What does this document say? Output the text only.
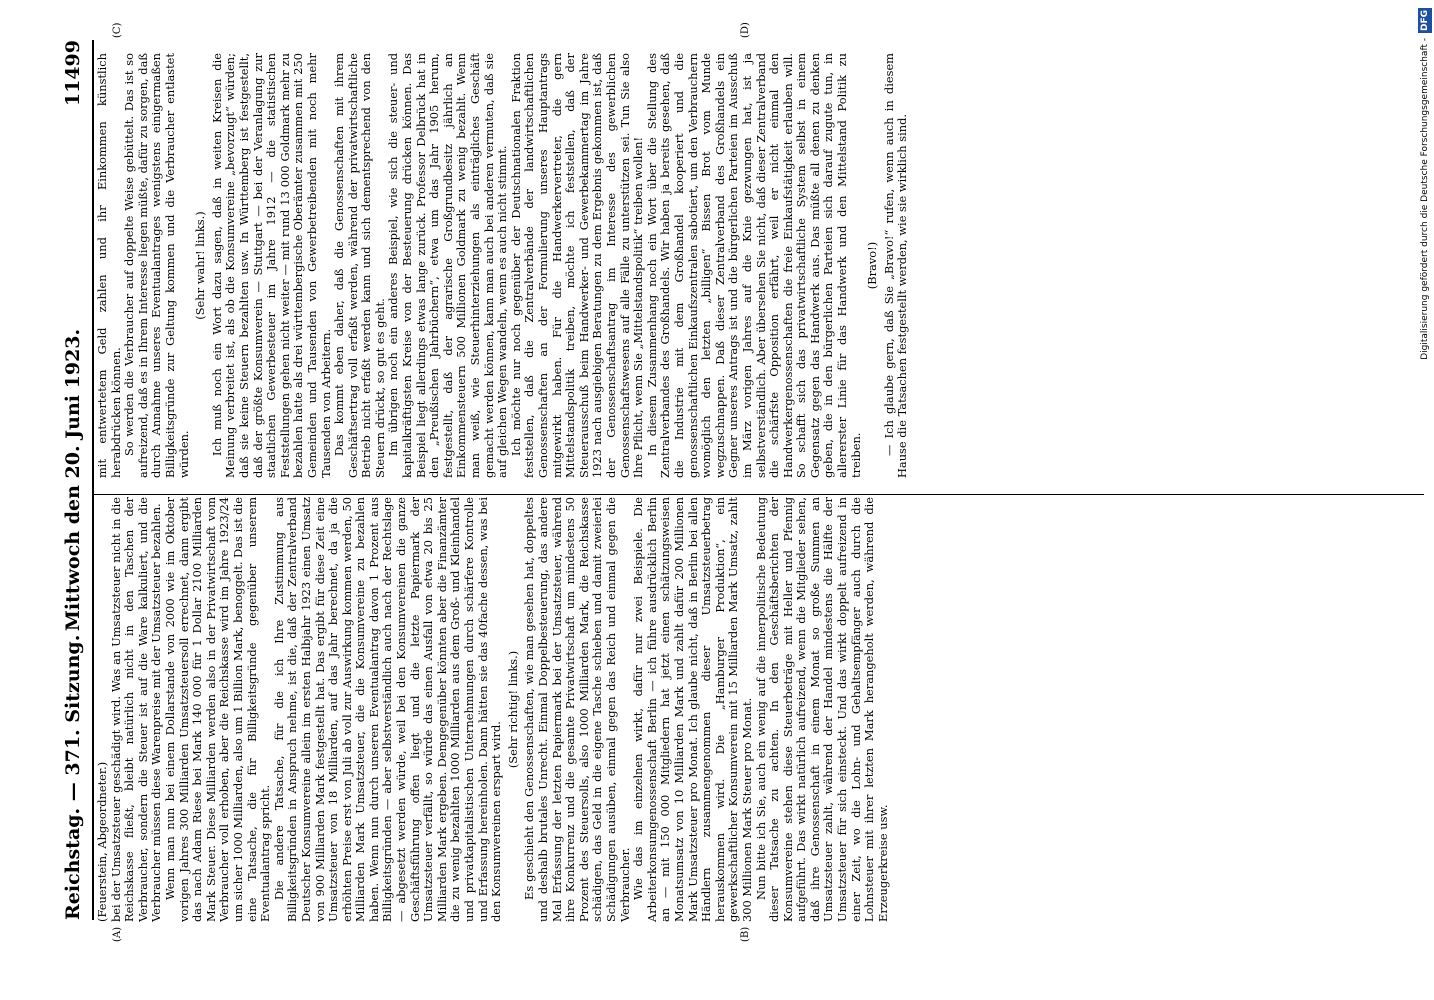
Reichstag. — 371. Sitzung.
Mittwoch den 20. Juni 1923.
11499
(A)	(B)
(C)	(D)

(Feuerstein, Abgeordneter.) bei der Umsatzsteuer geschädigt wird. Was an Umsatzsteuer nicht in die Reichskasse fließt, bleibt natürlich nicht in den Taschen der Verbraucher, sondern die Steuer ist auf die Ware kalkuliert, und die Verbraucher müssen diese Warenpreise mit der Umsatzsteuer bezahlen. Wenn man nun bei einem Dollarstande von 2000 wie im Oktober vorigen Jahres 300 Milliarden Umsatzsteuersoll errechnet, dann ergibt das nach Adam Riese bei Mark 140 000 für 1 Dollar 2100 Milliarden Mark Steuer. Diese Milliarden werden also in der Privatwirtschaft vom Verbraucher voll erhoben, aber die Reichskasse wird im Jahre 1923/24 um sicher 1000 Milliarden, also um 1 Billion Mark, benoggelt. Das ist die eine Tatsache, die für Billigkeitsgründe gegenüber unserem Eventualantrag spricht. Die andere Tatsache, für die ich Ihre Zustimmung aus Billigkeitsgründen in Anspruch nehme, ist die, daß der Zentralverband Deutscher Konsumvereine allein im ersten Halbjahr 1923 einen Umsatz von 900 Milliarden Mark festgestellt hat. Das ergibt für diese Zeit eine Umsatzsteuer von 18 Milliarden, auf das Jahr berechnet, da ja die erhöhten Preise erst von Juli ab voll zur Auswirkung kommen werden, 50 Milliarden Mark Umsatzsteuer, die die Konsumvereine zu bezahlen haben. Wenn nun durch unseren Eventualantrag davon 1 Prozent aus Billigkeitsgründen — aber selbstverständlich auch nach der Rechtslage — abgesetzt werden würde, weil bei den Konsumvereinen die ganze Geschäftsführung offen liegt und die letzte Papiermark der Umsatzsteuer verfällt, so würde das einen Ausfall von etwa 20 bis 25 Milliarden Mark ergeben. Demgegenüber könnten aber die Finanzämter die zu wenig bezahlten 1000 Milliarden aus dem Groß- und Kleinhandel und privatkapitalistischen Unternehmungen durch schärfere Kontrolle und Erfassung hereinholen. Dann hätten sie das 40fache dessen, was bei den Konsumvereinen erspart wird.

(Sehr richtig! links.) Es geschieht den Genossenschaften, wie man gesehen hat, doppeltes und deshalb brutales Unrecht. Einmal Doppelbesteuerung, das andere Mal Erfassung der letzten Papiermark bei der Umsatzsteuer, während ihre Konkurrenz und die gesamte Privatwirtschaft um mindestens 50 Prozent des Steuersolls, also 1000 Milliarden Mark, die Reichskasse schädigen, das Geld in die eigene Tasche schieben und damit zweierlei Schädigungen ausüben, einmal gegen das Reich und einmal gegen die Verbraucher. Wie das im einzelnen wirkt, dafür nur zwei Beispiele. Die Arbeiterkonsumgenossenschaft Berlin — ich führe ausdrücklich Berlin an — mit 150 000 Mitgliedern hat jetzt einen schätzungsweisen Monatsumsatz von 10 Milliarden Mark und zahlt dafür 200 Millionen Mark Umsatzsteuer pro Monat. Ich glaube nicht, daß in Berlin bei allen Händlern zusammengenommen dieser Umsatzsteuerbetrag herauskommen wird. Die „Hamburger Produktion“, ein gewerkschaftlicher Konsumverein mit 15 Milliarden Mark Umsatz, zahlt 300 Millionen Mark Steuer pro Monat. Nun bitte ich Sie, auch ein wenig auf die innerpolitische Bedeutung dieser Tatsache zu achten. In den Geschäftsberichten der Konsumvereine stehen diese Steuerbeträge mit Heller und Pfennig aufgeführt. Das wirkt natürlich aufreizend, wenn die Mitglieder sehen, daß ihre Genossenschaft in einem Monat so große Summen an Umsatzsteuer zahlt, während der Handel mindestens die Hälfte der Umsatzsteuer für sich einsteckt. Und das wirkt doppelt aufreizend in einer Zeit, wo die Lohn- und Gehaltsempfänger auch durch die Lohnsteuer mit ihrer letzten Mark herangeholt werden, während die Erzeugerkreise usw.

mit entwertetem Geld zahlen und ihr Einkommen künstlich herabdrücken können. So werden die Verbraucher auf doppelte Weise gebüttelt. Das ist so aufreizend, daß es in Ihrem Interesse liegen müßte, dafür zu sorgen, daß durch Annahme unseres Eventualantrages wenigstens einigermaßen Billigkeitsgründe zur Geltung kommen und die Verbraucher entlastet würden.

(Sehr wahr! links.) Ich muß noch ein Wort dazu sagen, daß in weiten Kreisen die Meinung verbreitet ist, als ob die Konsumvereine „bevorzugt“ würden; daß sie keine Steuern bezahlten usw. In Württemberg ist festgestellt, daß der größte Konsumverein — Stuttgart — bei der Veranlagung zur staatlichen Gewerbesteuer im Jahre 1912 — die statistischen Feststellungen gehen nicht weiter — mit rund 13 000 Goldmark mehr zu bezahlen hatte als drei württembergische Oberämter zusammen mit 250 Gemeinden und Tausenden von Gewerbetreibenden mit noch mehr Tausenden von Arbeitern. Das kommt eben daher, daß die Genossenschaften mit ihrem Geschäftsertrag voll erfaßt werden, während der privatwirtschaftliche Betrieb nicht erfaßt werden kann und sich dementsprechend von den Steuern drückt, so gut es geht. Im übrigen noch ein anderes Beispiel, wie sich die steuer- und kapitalkräftigsten Kreise von der Besteuerung drücken können. Das Beispiel liegt allerdings etwas lange zurück. Professor Delbrück hat in den „Preußischen Jahrbüchern“, etwa um das Jahr 1905 herum, festgestellt, daß der agrarische Großgrundbesitz jährlich an Einkommensteuern 500 Millionen Goldmark zu wenig bezahlt. Wenn man weiß, wie Steuerhinterziehungen als einträgliches Geschäft gemacht werden können, kann man auch bei anderen vermuten, daß sie auf gleichen Wegen wandeln, wenn es auch nicht stimmt. Ich möchte nur noch gegenüber der Deutschnationalen Fraktion feststellen, daß die Zentralverbände der landwirtschaftlichen Genossenschaften an der Formulierung unseres Hauptantrags mitgewirkt haben. Für die Handwerkervertreter, die gern Mittelstandspolitik treiben, möchte ich feststellen, daß der Steuerausschuß beim Handwerker- und Gewerbekammertag im Jahre 1923 nach ausgiebigen Beratungen zu dem Ergebnis gekommen ist, daß der Genossenschaftsantrag im Interesse des gewerblichen Genossenschaftswesens auf alle Fälle zu unterstützen sei. Tun Sie also Ihre Pflicht, wenn Sie „Mittelstandspolitik“ treiben wollen! In diesem Zusammenhang noch ein Wort über die Stellung des Zentralverbandes des Großhandels. Wir haben ja bereits gesehen, daß die Industrie mit dem Großhandel kooperiert und die genossenschaftlichen Einkaufszentralen sabotiert, um den Verbrauchern womöglich den letzten „billigen“ Bissen Brot vom Munde wegzuschnappen. Daß dieser Zentralverband des Großhandels ein Gegner unseres Antrags ist und die bürgerlichen Parteien im Ausschuß im März vorigen Jahres auf die Knie gezwungen hat, ist ja selbstverständlich. Aber übersehen Sie nicht, daß dieser Zentralverband die schärfste Opposition erfährt, weil er nicht einmal den Handwerkergenossenschaften die freie Einkaufstätigkeit erlauben will. So schafft sich das privatwirtschaftliche System selbst in einem Gegensatz gegen das Handwerk aus. Das müßte all denen zu denken geben, die in den bürgerlichen Parteien sich darauf zugute tun, in allererster Linie für das Handwerk und den Mittelstand Politik zu treiben.

(Bravo!) — Ich glaube gern, daß Sie „Bravo!“ rufen, wenn auch in diesem Hause die Tatsachen festgestellt werden, wie sie wirklich sind.	Digitalisierung gefördert durch die Deutsche Forschungsgemeinschaft - DFG
